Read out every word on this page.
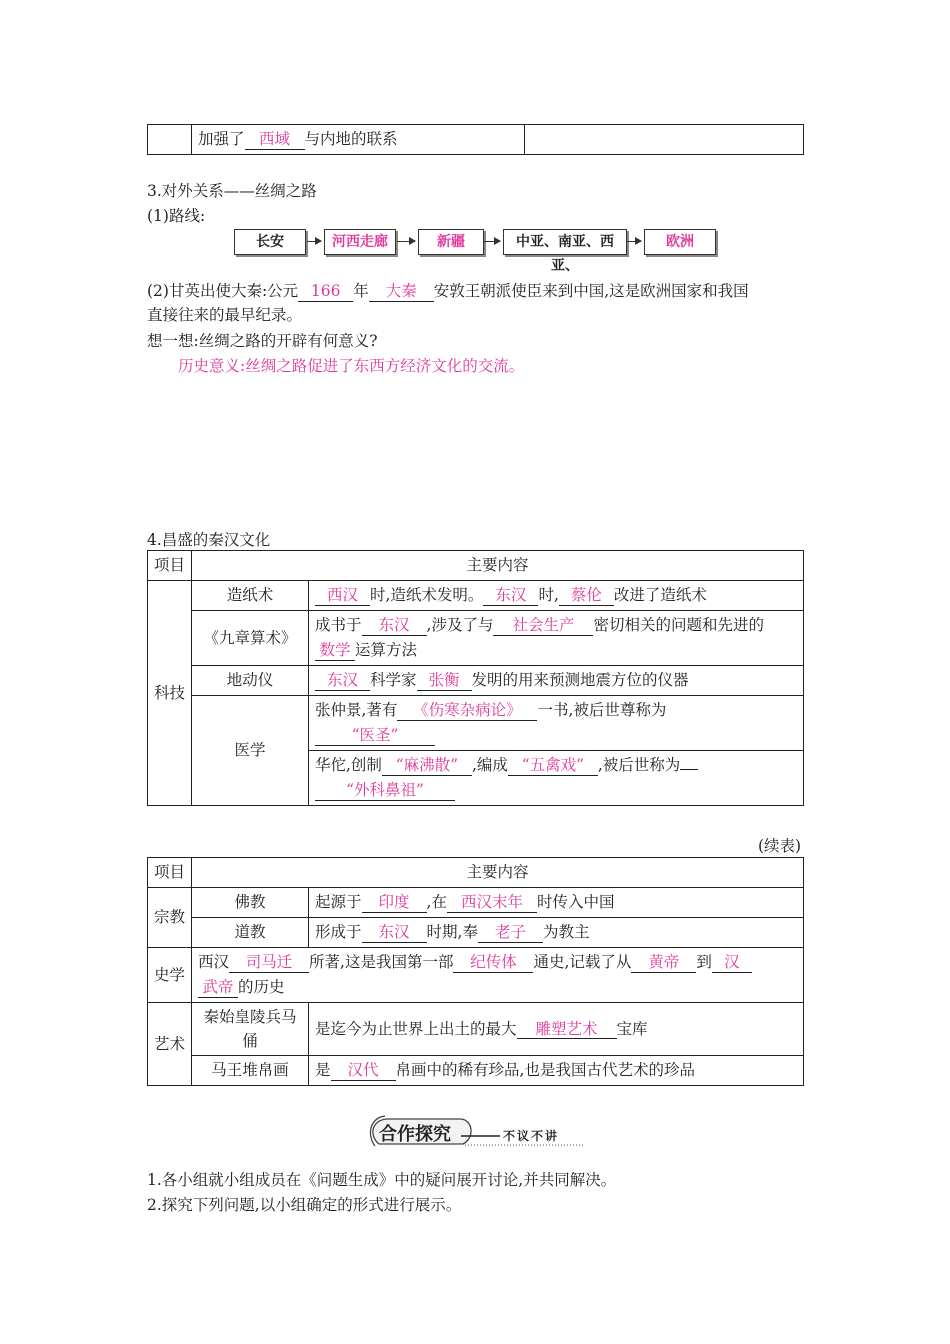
	加强了 西域 与内地的联系	
3.对外关系——丝绸之路
(1)路线:
长安	河西走廊	新疆	中亚、南亚、西亚、
欧洲
(2)甘英出使大秦:公元 166 年 大秦 安敦王朝派使臣来到中国,这是欧洲国家和我国
直接往来的最早纪录。
想一想:丝绸之路的开辟有何意义?
历史意义:丝绸之路促进了东西方经济文化的交流。
4.昌盛的秦汉文化
项目	主要内容	
科技	造纸术	西汉 时,造纸术发明。 东汉 时, 蔡伦 改进了造纸术
	《九章算术》	成书于 东汉 ,涉及了与 社会生产 密切相关的问题和先进的数学 运算方法
	地动仪	东汉 科学家 张衡 发明的用来预测地震方位的仪器
	医学	张仲景,著有 《伤寒杂病论》 一书,被后世尊称为
“医圣”
		华佗,创制 “麻沸散” ,编成 “五禽戏” ,被后世称为
“外科鼻祖”
(续表)
项目	主要内容	
宗教	佛教	起源于 印度 ,在 西汉末年 时传入中国
	道教	形成于 东汉 时期,奉 老子 为教主
史学	西汉 司马迁 所著,这是我国第一部 纪传体 通史,记载了从 黄帝 到 汉
武帝 的历史	
艺术	秦始皇陵兵马俑	是迄今为止世界上出土的最大 雕塑艺术 宝库
	马王堆帛画	是 汉代 帛画中的稀有珍品,也是我国古代艺术的珍品
合作探究	不议不讲
1.各小组就小组成员在《问题生成》中的疑问展开讨论,并共同解决。
2.探究下列问题,以小组确定的形式进行展示。
